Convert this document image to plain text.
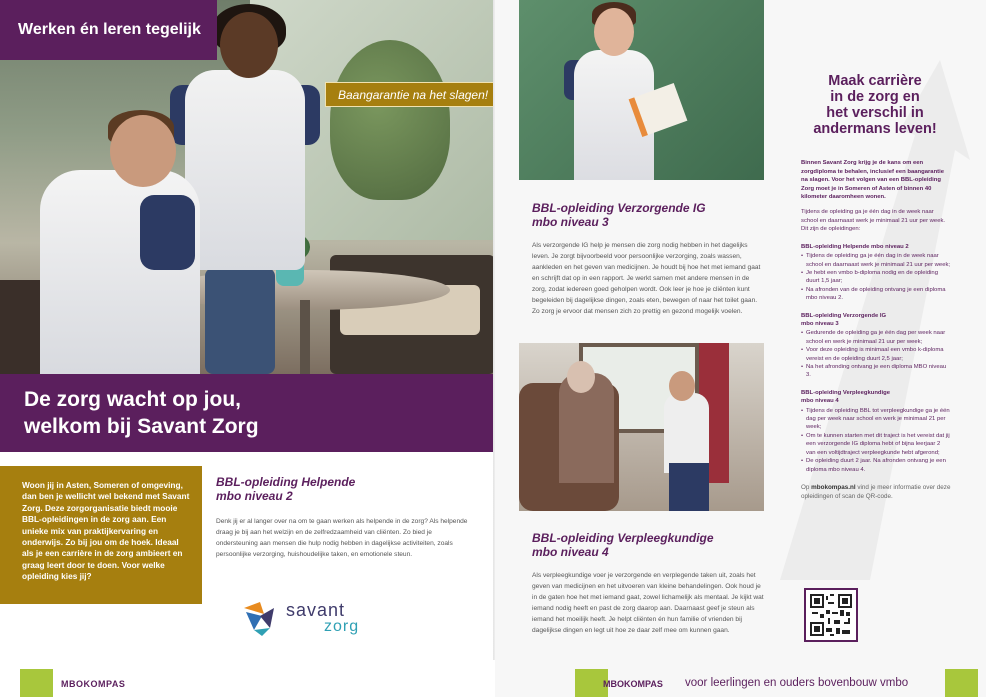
Werken én leren tegelijk
Baangarantie na het slagen!

De zorg wacht op jou,

welkom bij Savant Zorg

Woon jij in Asten, Someren of omgeving, dan ben je wellicht wel bekend met Savant Zorg. Deze zorgorganisatie biedt mooie BBL-opleidingen in de zorg aan. Een unieke mix van praktijkervaring en onderwijs. Zo bij jou om de hoek. Ideaal als je een carrière in de zorg ambieert en graag leert door te doen. Voor welke opleiding kies jij?

BBL-opleiding Helpende

mbo niveau 2

Denk jij er al langer over na om te gaan werken als helpende in de zorg? Als helpende draag je bij aan het welzijn en de zelfredzaamheid van cliënten. Zo bied je ondersteuning aan mensen die hulp nodig hebben in dagelijkse activiteiten, zoals persoonlijke verzorging, huishoudelijke taken, en emotionele steun.

savant
zorg
MBOKOMPAS

BBL-opleiding Verzorgende IG

mbo niveau 3

Als verzorgende IG help je mensen die zorg nodig hebben in het dagelijks leven. Je zorgt bijvoorbeeld voor persoonlijke verzorging, zoals wassen, aankleden en het geven van medicijnen. Je houdt bij hoe het met iemand gaat en schrijft dat op in een rapport. Je werkt samen met andere mensen in de zorg, zodat iedereen goed geholpen wordt. Ook leer je hoe je cliënten kunt begeleiden bij dagelijkse dingen, zoals eten, bewegen of naar het toilet gaan. Zo zorg je ervoor dat mensen zich zo prettig en gezond mogelijk voelen.

BBL-opleiding Verpleegkundige

mbo niveau 4

Als verpleegkundige voer je verzorgende en verplegende taken uit, zoals het geven van medicijnen en het uitvoeren van kleine behandelingen. Ook houd je in de gaten hoe het met iemand gaat, zowel lichamelijk als mentaal. Je kijkt wat iemand nodig heeft en past de zorg daarop aan. Daarnaast geef je steun als iemand het moeilijk heeft. Je helpt cliënten én hun familie of vrienden bij dagelijkse dingen en legt uit hoe ze daar zelf mee om kunnen gaan.

Maak carrière

in de zorg en

het verschil in

andermans leven!

Binnen Savant Zorg krijg je de kans om een zorgdiploma te behalen, inclusief een baangarantie na slagen. Voor het volgen van een BBL-opleiding Zorg moet je in Someren of Asten of binnen 40 kilometer daaromheen wonen.

Tijdens de opleiding ga je één dag in de week naar school en daarnaast werk je minimaal 21 uur per week. Dit zijn de opleidingen:

BBL-opleiding Helpende mbo niveau 2

• Tijdens de opleiding ga je één dag in de week naar school en daarnaast werk je minimaal 21 uur per week;
• Je hebt een vmbo b-diploma nodig en de opleiding duurt 1,5 jaar;
• Na afronden van de opleiding ontvang je een diploma mbo niveau 2.

BBL-opleiding Verzorgende IG
mbo niveau 3

• Gedurende de opleiding ga je één dag per week naar school en werk je minimaal 21 uur per week;
• Voor deze opleiding is minimaal een vmbo k-diploma vereist en de opleiding duurt 2,5 jaar;
• Na het afronding ontvang je een diploma MBO niveau 3.

BBL-opleiding Verpleegkundige
mbo niveau 4

• Tijdens de opleiding BBL tot verpleegkundige ga je één dag per week naar school en werk je minimaal 21 per week;
• Om te kunnen starten met dit traject is het vereist dat jij een verzorgende IG diploma hebt of bijna leerjaar 2 van een voltijdtraject verpleegkunde hebt afgerond;
• De opleiding duurt 2 jaar. Na afronden ontvang je een diploma mbo niveau 4.

Op mbokompas.nl vind je meer informatie over deze opleidingen of scan de QR-code.

MBOKOMPAS voor leerlingen en ouders bovenbouw vmbo
